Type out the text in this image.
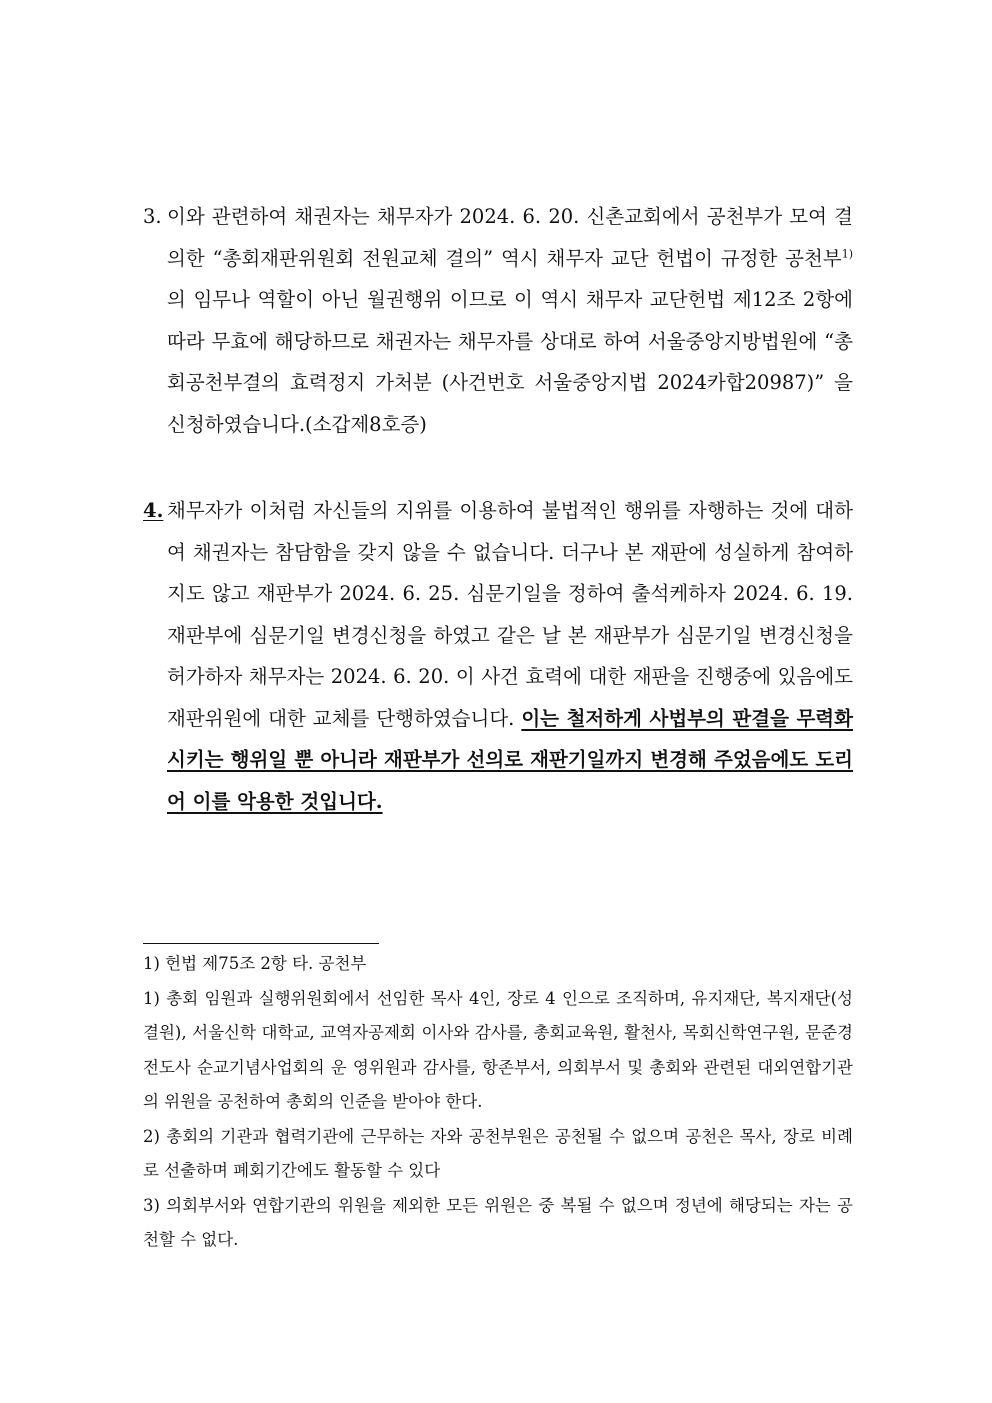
3. 이와 관련하여 채권자는 채무자가 2024. 6. 20. 신촌교회에서 공천부가 모여 결의한 “총회재판위원회 전원교체 결의” 역시 채무자 교단 헌법이 규정한 공천부$^{1)}$의 임무나 역할이 아닌 월권행위 이므로 이 역시 채무자 교단헌법 제12조 2항에 따라 무효에 해당하므로 채권자는 채무자를 상대로 하여 서울중앙지방법원에 “총회공천부결의 효력정지 가처분 (사건번호 서울중앙지법 2024카합20987)” 을 신청하였습니다.(소갑제8호증)
4. 채무자가 이처럼 자신들의 지위를 이용하여 불법적인 행위를 자행하는 것에 대하여 채권자는 참담함을 갖지 않을 수 없습니다. 더구나 본 재판에 성실하게 참여하지도 않고 재판부가 2024. 6. 25. 심문기일을 정하여 출석케하자 2024. 6. 19. 재판부에 심문기일 변경신청을 하였고 같은 날 본 재판부가 심문기일 변경신청을 허가하자 채무자는 2024. 6. 20. 이 사건 효력에 대한 재판을 진행중에 있음에도 재판위원에 대한 교체를 단행하였습니다. 이는 철저하게 사법부의 판결을 무력화 시키는 행위일 뿐 아니라 재판부가 선의로 재판기일까지 변경해 주었음에도 도리어 이를 악용한 것입니다.
1) 헌법 제75조 2항 타. 공천부
1) 총회 임원과 실행위원회에서 선임한 목사 4인, 장로 4 인으로 조직하며, 유지재단, 복지재단(성결원), 서울신학 대학교, 교역자공제회 이사와 감사를, 총회교육원, 활천사, 목회신학연구원, 문준경전도사 순교기념사업회의 운 영위원과 감사를, 항존부서, 의회부서 및 총회와 관련된 대외연합기관의 위원을 공천하여 총회의 인준을 받아야 한다.
2) 총회의 기관과 협력기관에 근무하는 자와 공천부원은 공천될 수 없으며 공천은 목사, 장로 비례로 선출하며 폐회기간에도 활동할 수 있다
3) 의회부서와 연합기관의 위원을 제외한 모든 위원은 중 복될 수 없으며 정년에 해당되는 자는 공천할 수 없다.
